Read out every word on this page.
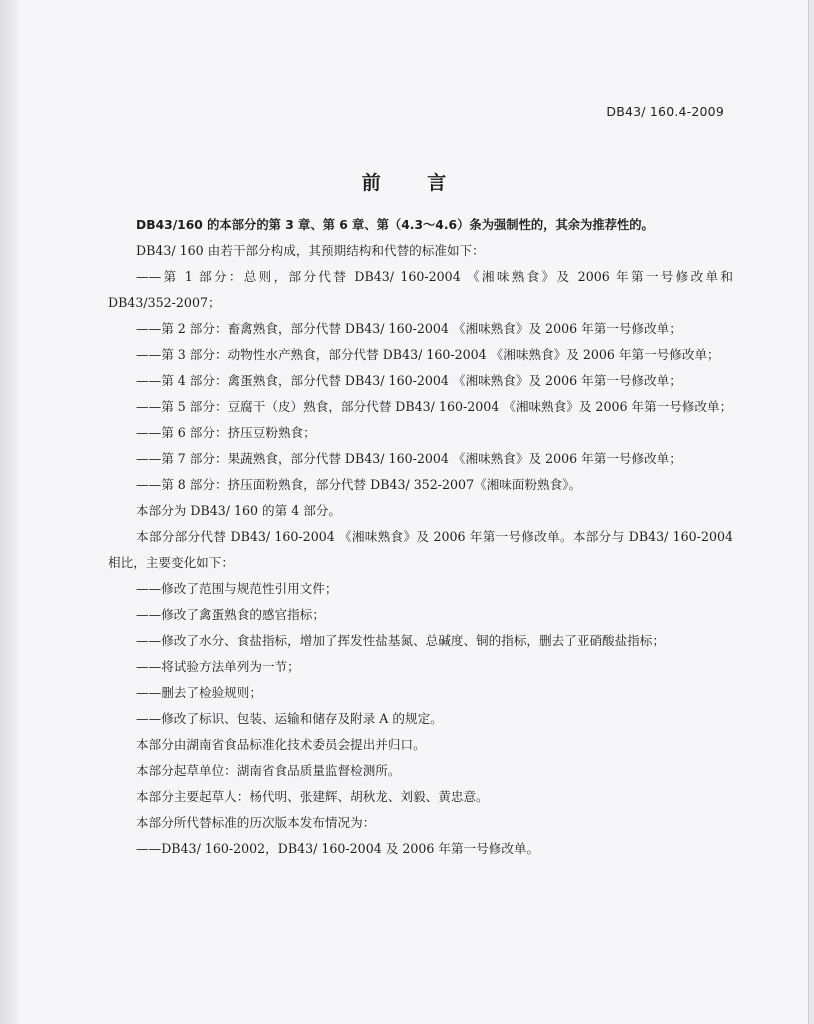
DB43/ 160.4-2009
前 言
DB43/160 的本部分的第 3 章、第 6 章、第（4.3～4.6）条为强制性的，其余为推荐性的。
DB43/ 160 由若干部分构成，其预期结构和代替的标准如下：
——第 1 部分：总则，部分代替 DB43/ 160-2004 《湘味熟食》及 2006 年第一号修改单和
DB43/352-2007；
——第 2 部分：畜禽熟食，部分代替 DB43/ 160-2004 《湘味熟食》及 2006 年第一号修改单；
——第 3 部分：动物性水产熟食，部分代替 DB43/ 160-2004 《湘味熟食》及 2006 年第一号修改单；
——第 4 部分：禽蛋熟食，部分代替 DB43/ 160-2004 《湘味熟食》及 2006 年第一号修改单；
——第 5 部分：豆腐干（皮）熟食，部分代替 DB43/ 160-2004 《湘味熟食》及 2006 年第一号修改单；
——第 6 部分：挤压豆粉熟食；
——第 7 部分：果蔬熟食，部分代替 DB43/ 160-2004 《湘味熟食》及 2006 年第一号修改单；
——第 8 部分：挤压面粉熟食，部分代替 DB43/ 352-2007《湘味面粉熟食》。
本部分为 DB43/ 160 的第 4 部分。
本部分部分代替 DB43/ 160-2004 《湘味熟食》及 2006 年第一号修改单。本部分与 DB43/ 160-2004
相比，主要变化如下：
——修改了范围与规范性引用文件；
——修改了禽蛋熟食的感官指标；
——修改了水分、食盐指标，增加了挥发性盐基氮、总碱度、铜的指标，删去了亚硝酸盐指标；
——将试验方法单列为一节；
——删去了检验规则；
——修改了标识、包装、运输和储存及附录 A 的规定。
本部分由湖南省食品标准化技术委员会提出并归口。
本部分起草单位：湖南省食品质量监督检测所。
本部分主要起草人：杨代明、张建辉、胡秋龙、刘毅、黄忠意。
本部分所代替标准的历次版本发布情况为：
——DB43/ 160-2002，DB43/ 160-2004 及 2006 年第一号修改单。
